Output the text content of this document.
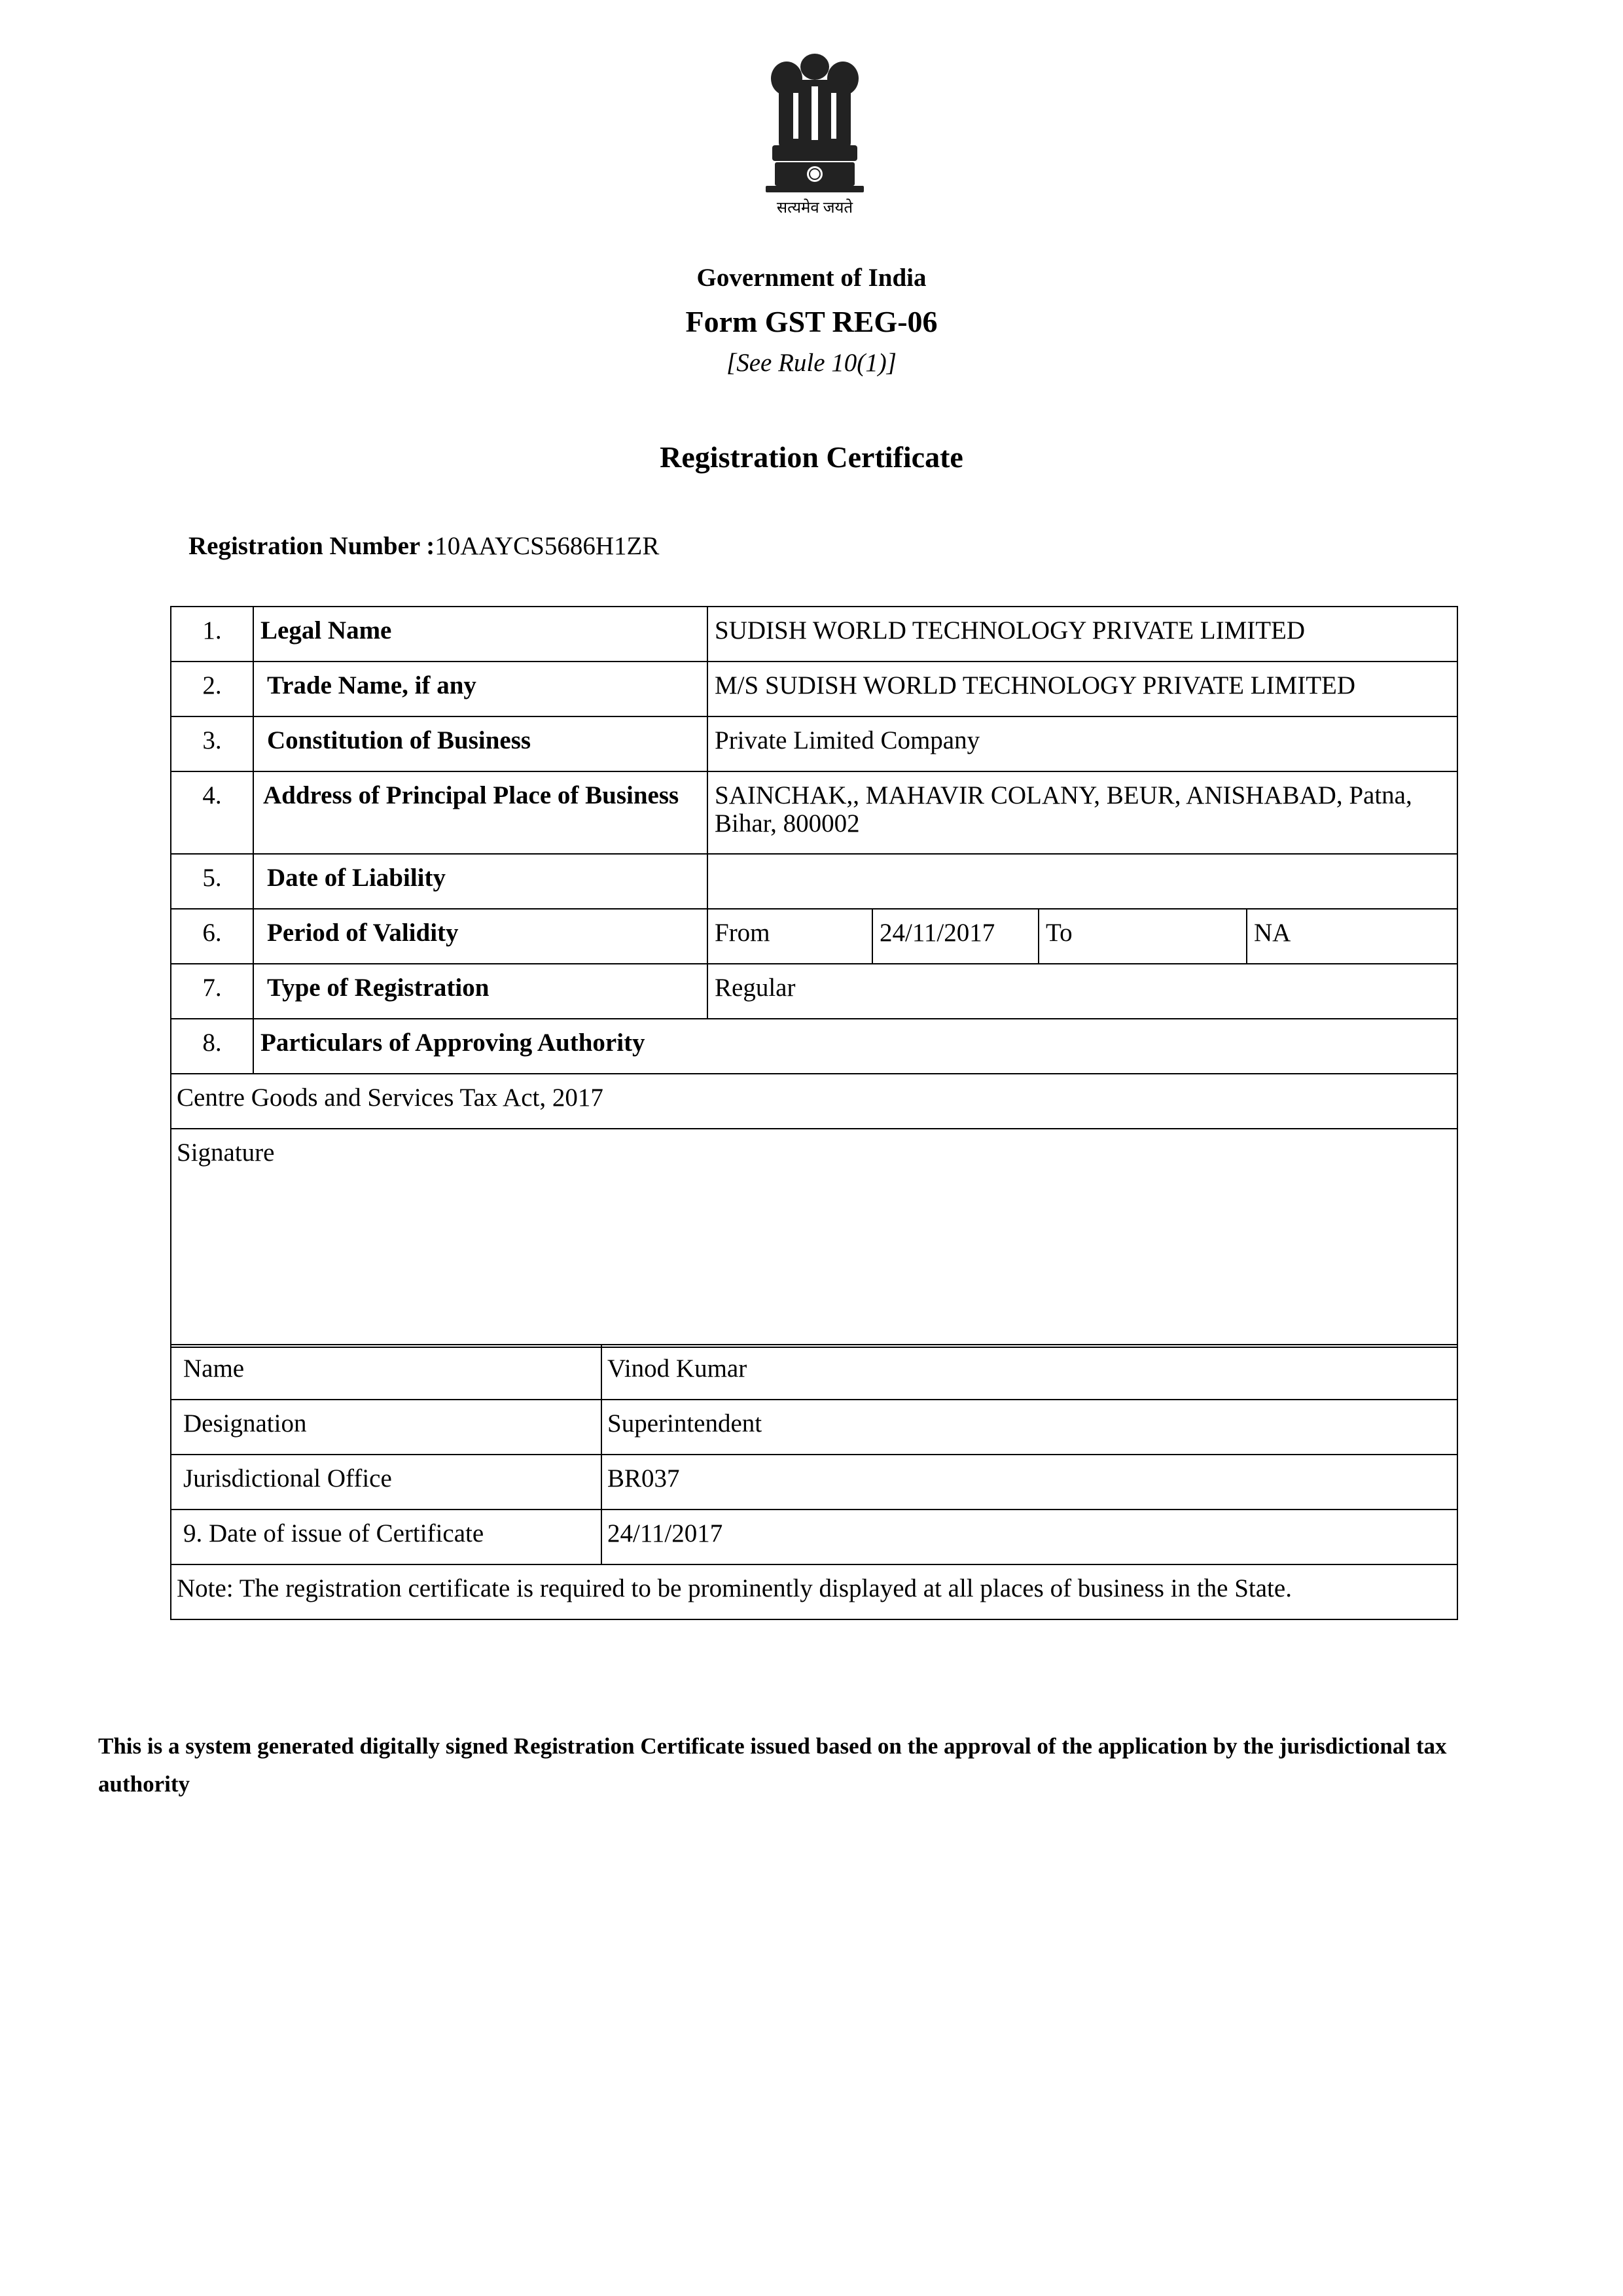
सत्यमेव जयते
Government of India
Form GST REG-06
[See Rule 10(1)]
Registration Certificate
Registration Number :10AAYCS5686H1ZR
1.	Legal Name	SUDISH WORLD TECHNOLOGY PRIVATE LIMITED			
2.	Trade Name, if any	M/S SUDISH WORLD TECHNOLOGY PRIVATE LIMITED			
3.	Constitution of Business	Private Limited Company			
4.	Address of Principal Place of Business	SAINCHAK,, MAHAVIR COLANY, BEUR, ANISHABAD, Patna, Bihar, 800002			
5.	Date of Liability				
6.	Period of Validity	From	24/11/2017	To	NA
7.	Type of Registration	Regular			
8.	Particulars of Approving Authority				
Centre Goods and Services Tax Act, 2017					
Signature					
Name	Vinod Kumar
Designation	Superintendent
Jurisdictional Office	BR037
9. Date of issue of Certificate	24/11/2017
Note: The registration certificate is required to be prominently displayed at all places of business in the State.	
This is a system generated digitally signed Registration Certificate issued based on the approval of the application by the jurisdictional tax authority
